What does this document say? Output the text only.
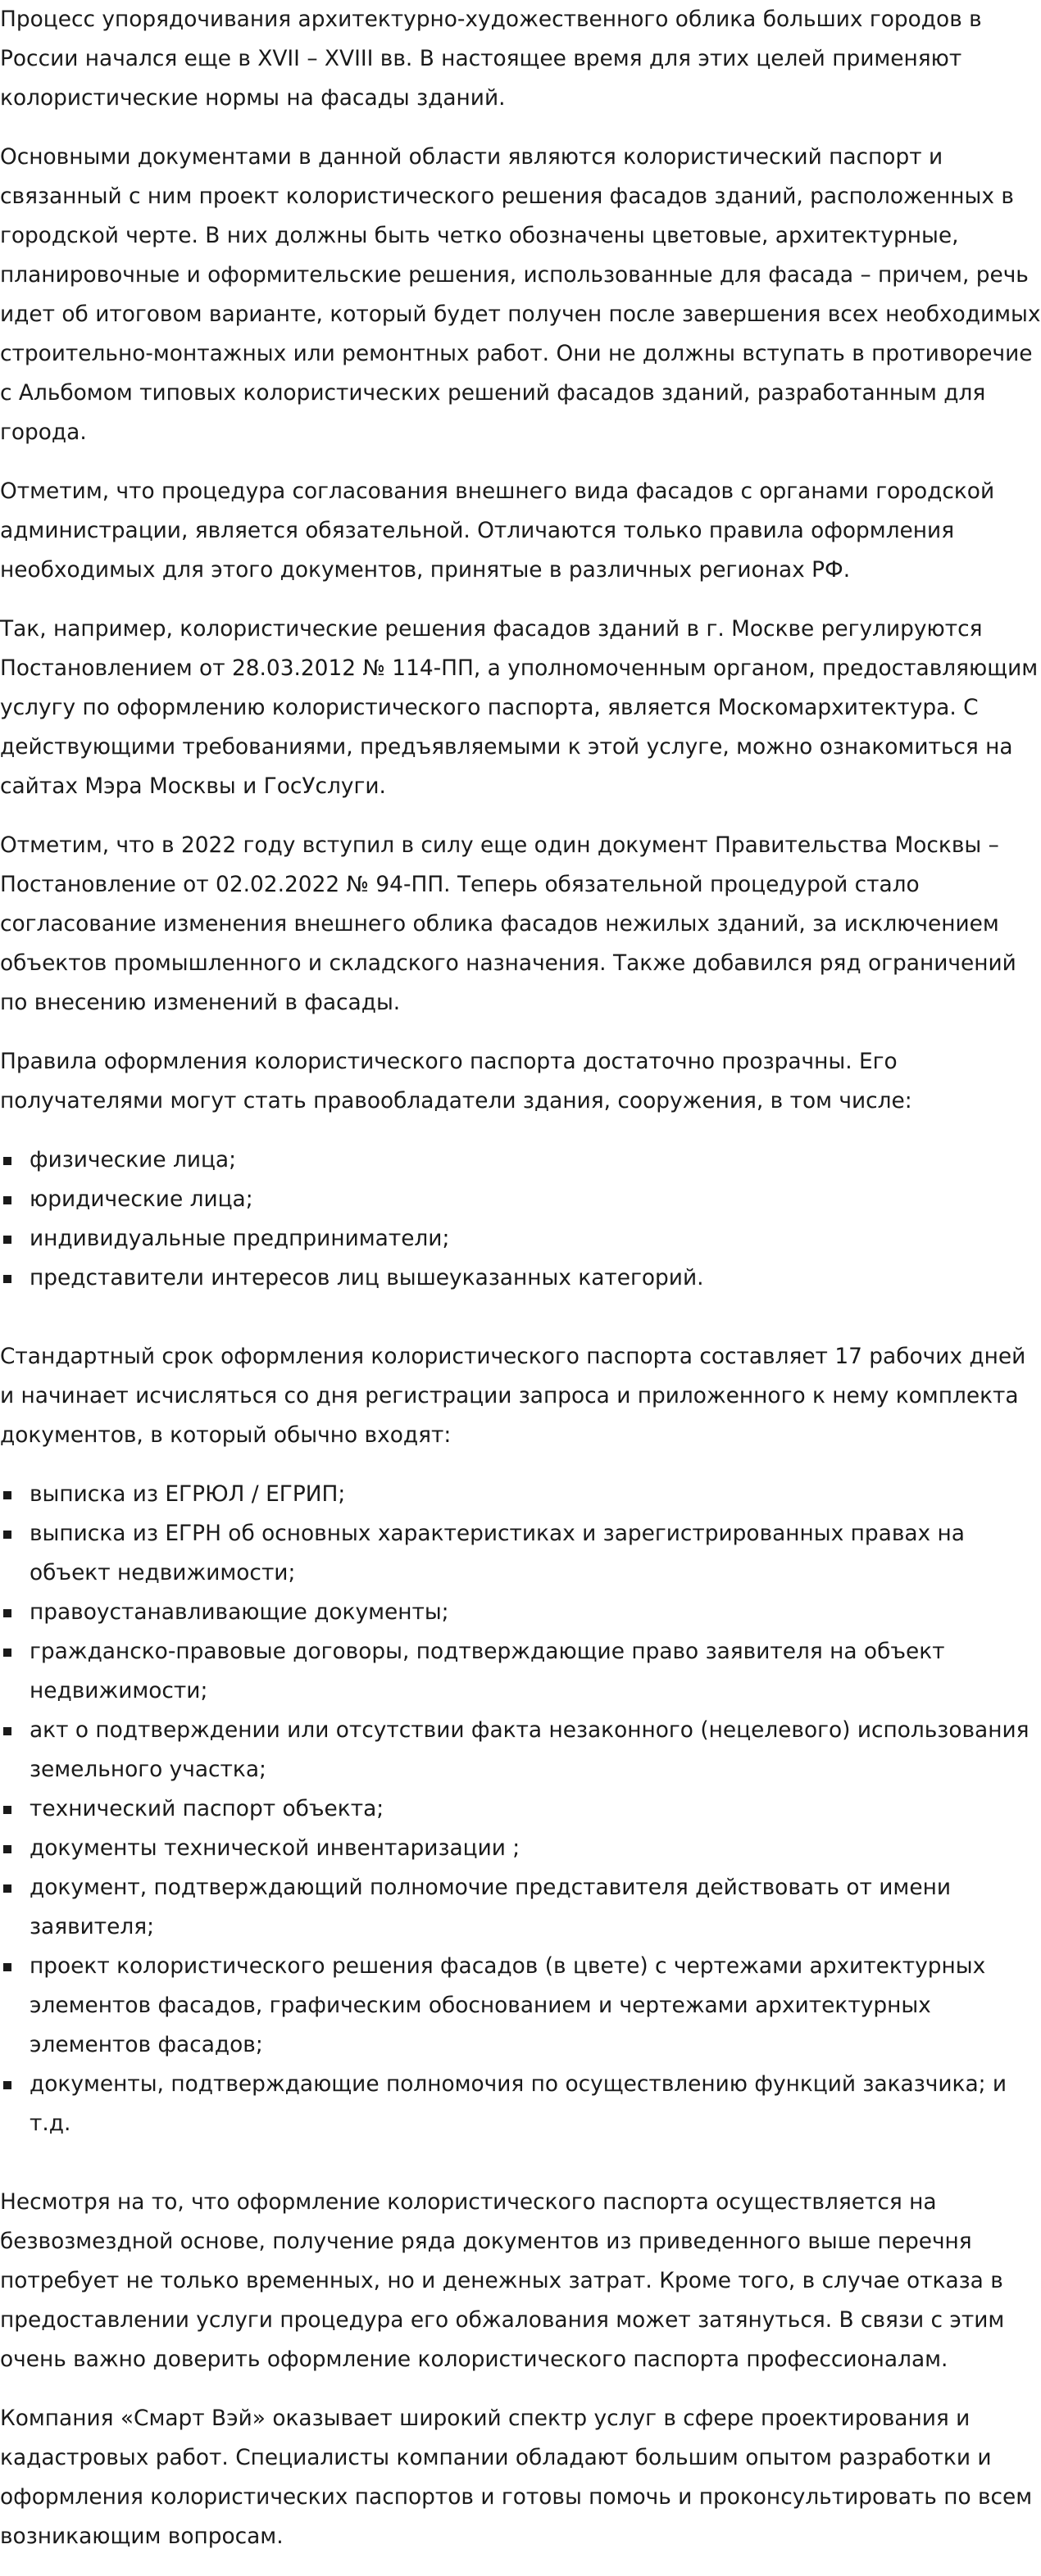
Процесс упорядочивания архитектурно-художественного облика больших городов в России начался еще в XVII – XVIII вв. В настоящее время для этих целей применяют колористические нормы на фасады зданий.

Основными документами в данной области являются колористический паспорт и связанный с ним проект колористического решения фасадов зданий, расположенных в городской черте. В них должны быть четко обозначены цветовые, архитектурные, планировочные и оформительские решения, использованные для фасада – причем, речь идет об итоговом варианте, который будет получен после завершения всех необходимых строительно-монтажных или ремонтных работ. Они не должны вступать в противоречие с Альбомом типовых колористических решений фасадов зданий, разработанным для города.

Отметим, что процедура согласования внешнего вида фасадов с органами городской администрации, является обязательной. Отличаются только правила оформления необходимых для этого документов, принятые в различных регионах РФ.

Так, например, колористические решения фасадов зданий в г. Москве регулируются Постановлением от 28.03.2012 № 114-ПП, а уполномоченным органом, предоставляющим услугу по оформлению колористического паспорта, является Москомархитектура. С действующими требованиями, предъявляемыми к этой услуге, можно ознакомиться на сайтах Мэра Москвы и ГосУслуги.

Отметим, что в 2022 году вступил в силу еще один документ Правительства Москвы – Постановление от 02.02.2022 № 94-ПП. Теперь обязательной процедурой стало согласование изменения внешнего облика фасадов нежилых зданий, за исключением объектов промышленного и складского назначения. Также добавился ряд ограничений по внесению изменений в фасады.

Правила оформления колористического паспорта достаточно прозрачны. Его получателями могут стать правообладатели здания, сооружения, в том числе:

физические лица;
юридические лица;
индивидуальные предприниматели;
представители интересов лиц вышеуказанных категорий.

Стандартный срок оформления колористического паспорта составляет 17 рабочих дней и начинает исчисляться со дня регистрации запроса и приложенного к нему комплекта документов, в который обычно входят:

выписка из ЕГРЮЛ / ЕГРИП;
выписка из ЕГРН об основных характеристиках и зарегистрированных правах на объект недвижимости;
правоустанавливающие документы;
гражданско-правовые договоры, подтверждающие право заявителя на объект недвижимости;
акт о подтверждении или отсутствии факта незаконного (нецелевого) использования земельного участка;
технический паспорт объекта;
документы технической инвентаризации ;
документ, подтверждающий полномочие представителя действовать от имени заявителя;
проект колористического решения фасадов (в цвете) с чертежами архитектурных элементов фасадов, графическим обоснованием и чертежами архитектурных элементов фасадов;
документы, подтверждающие полномочия по осуществлению функций заказчика; и т.д.

Несмотря на то, что оформление колористического паспорта осуществляется на безвозмездной основе, получение ряда документов из приведенного выше перечня потребует не только временных, но и денежных затрат. Кроме того, в случае отказа в предоставлении услуги процедура его обжалования может затянуться. В связи с этим очень важно доверить оформление колористического паспорта профессионалам.

Компания «Смарт Вэй» оказывает широкий спектр услуг в сфере проектирования и кадастровых работ. Специалисты компании обладают большим опытом разработки и оформления колористических паспортов и готовы помочь и проконсультировать по всем возникающим вопросам.
